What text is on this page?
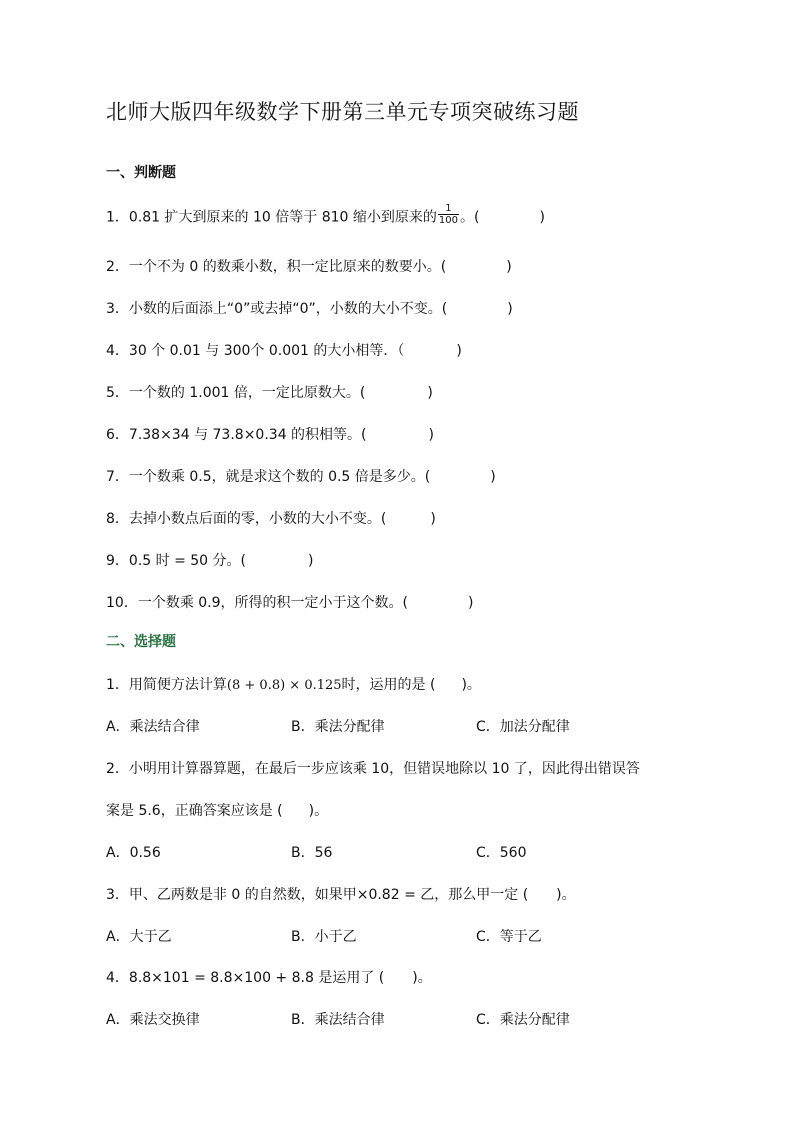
北师大版四年级数学下册第三单元专项突破练习题
一、判断题
1．0.81 扩大到原来的 10 倍等于 810 缩小到原来的 $\frac{1}{100}$ 。(	)
2．一个不为 0 的数乘小数，积一定比原来的数要小。(	)
3．小数的后面添上“0”或去掉“0”，小数的大小不变。(	)
4．30 个 0.01 与 300个 0.001 的大小相等．（	)
5．一个数的 1.001 倍，一定比原数大。(	)
6．7.38×34 与 73.8×0.34 的积相等。(	)
7．一个数乘 0.5，就是求这个数的 0.5 倍是多少。(	)
8．去掉小数点后面的零，小数的大小不变。(	)
9．0.5 时 = 50 分。(	)
10．一个数乘 0.9，所得的积一定小于这个数。(	)
二、选择题
1．用简便方法计算(8 + 0.8) × 0.125时，运用的是 ( )。
A．乘法结合律	B．乘法分配律	C．加法分配律
2．小明用计算器算题，在最后一步应该乘 10，但错误地除以 10 了，因此得出错误答
案是 5.6，正确答案应该是 ( )。
A．0.56	B．56	C．560
3．甲、乙两数是非 0 的自然数，如果甲×0.82 = 乙，那么甲一定 ( )。
A．大于乙	B．小于乙	C．等于乙
4．8.8×101 = 8.8×100 + 8.8 是运用了 ( )。
A．乘法交换律	B．乘法结合律	C．乘法分配律
